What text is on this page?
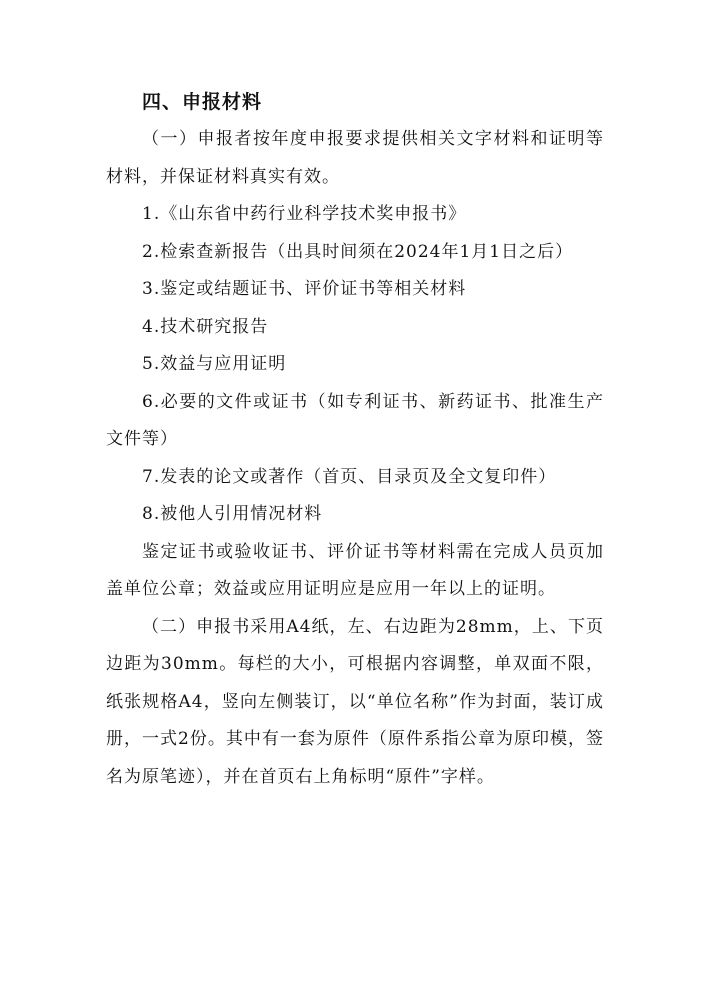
四、申报材料

（一）申报者按年度申报要求提供相关文字材料和证明等材料，并保证材料真实有效。

1.《山东省中药行业科学技术奖申报书》

2.检索查新报告（出具时间须在2024年1月1日之后）

3.鉴定或结题证书、评价证书等相关材料

4.技术研究报告

5.效益与应用证明

6.必要的文件或证书（如专利证书、新药证书、批准生产文件等）

7.发表的论文或著作（首页、目录页及全文复印件）

8.被他人引用情况材料

鉴定证书或验收证书、评价证书等材料需在完成人员页加盖单位公章；效益或应用证明应是应用一年以上的证明。

（二）申报书采用A4纸，左、右边距为28mm，上、下页边距为30mm。每栏的大小，可根据内容调整，单双面不限，纸张规格A4，竖向左侧装订，以“单位名称”作为封面，装订成册，一式2份。其中有一套为原件（原件系指公章为原印模，签名为原笔迹），并在首页右上角标明“原件”字样。
